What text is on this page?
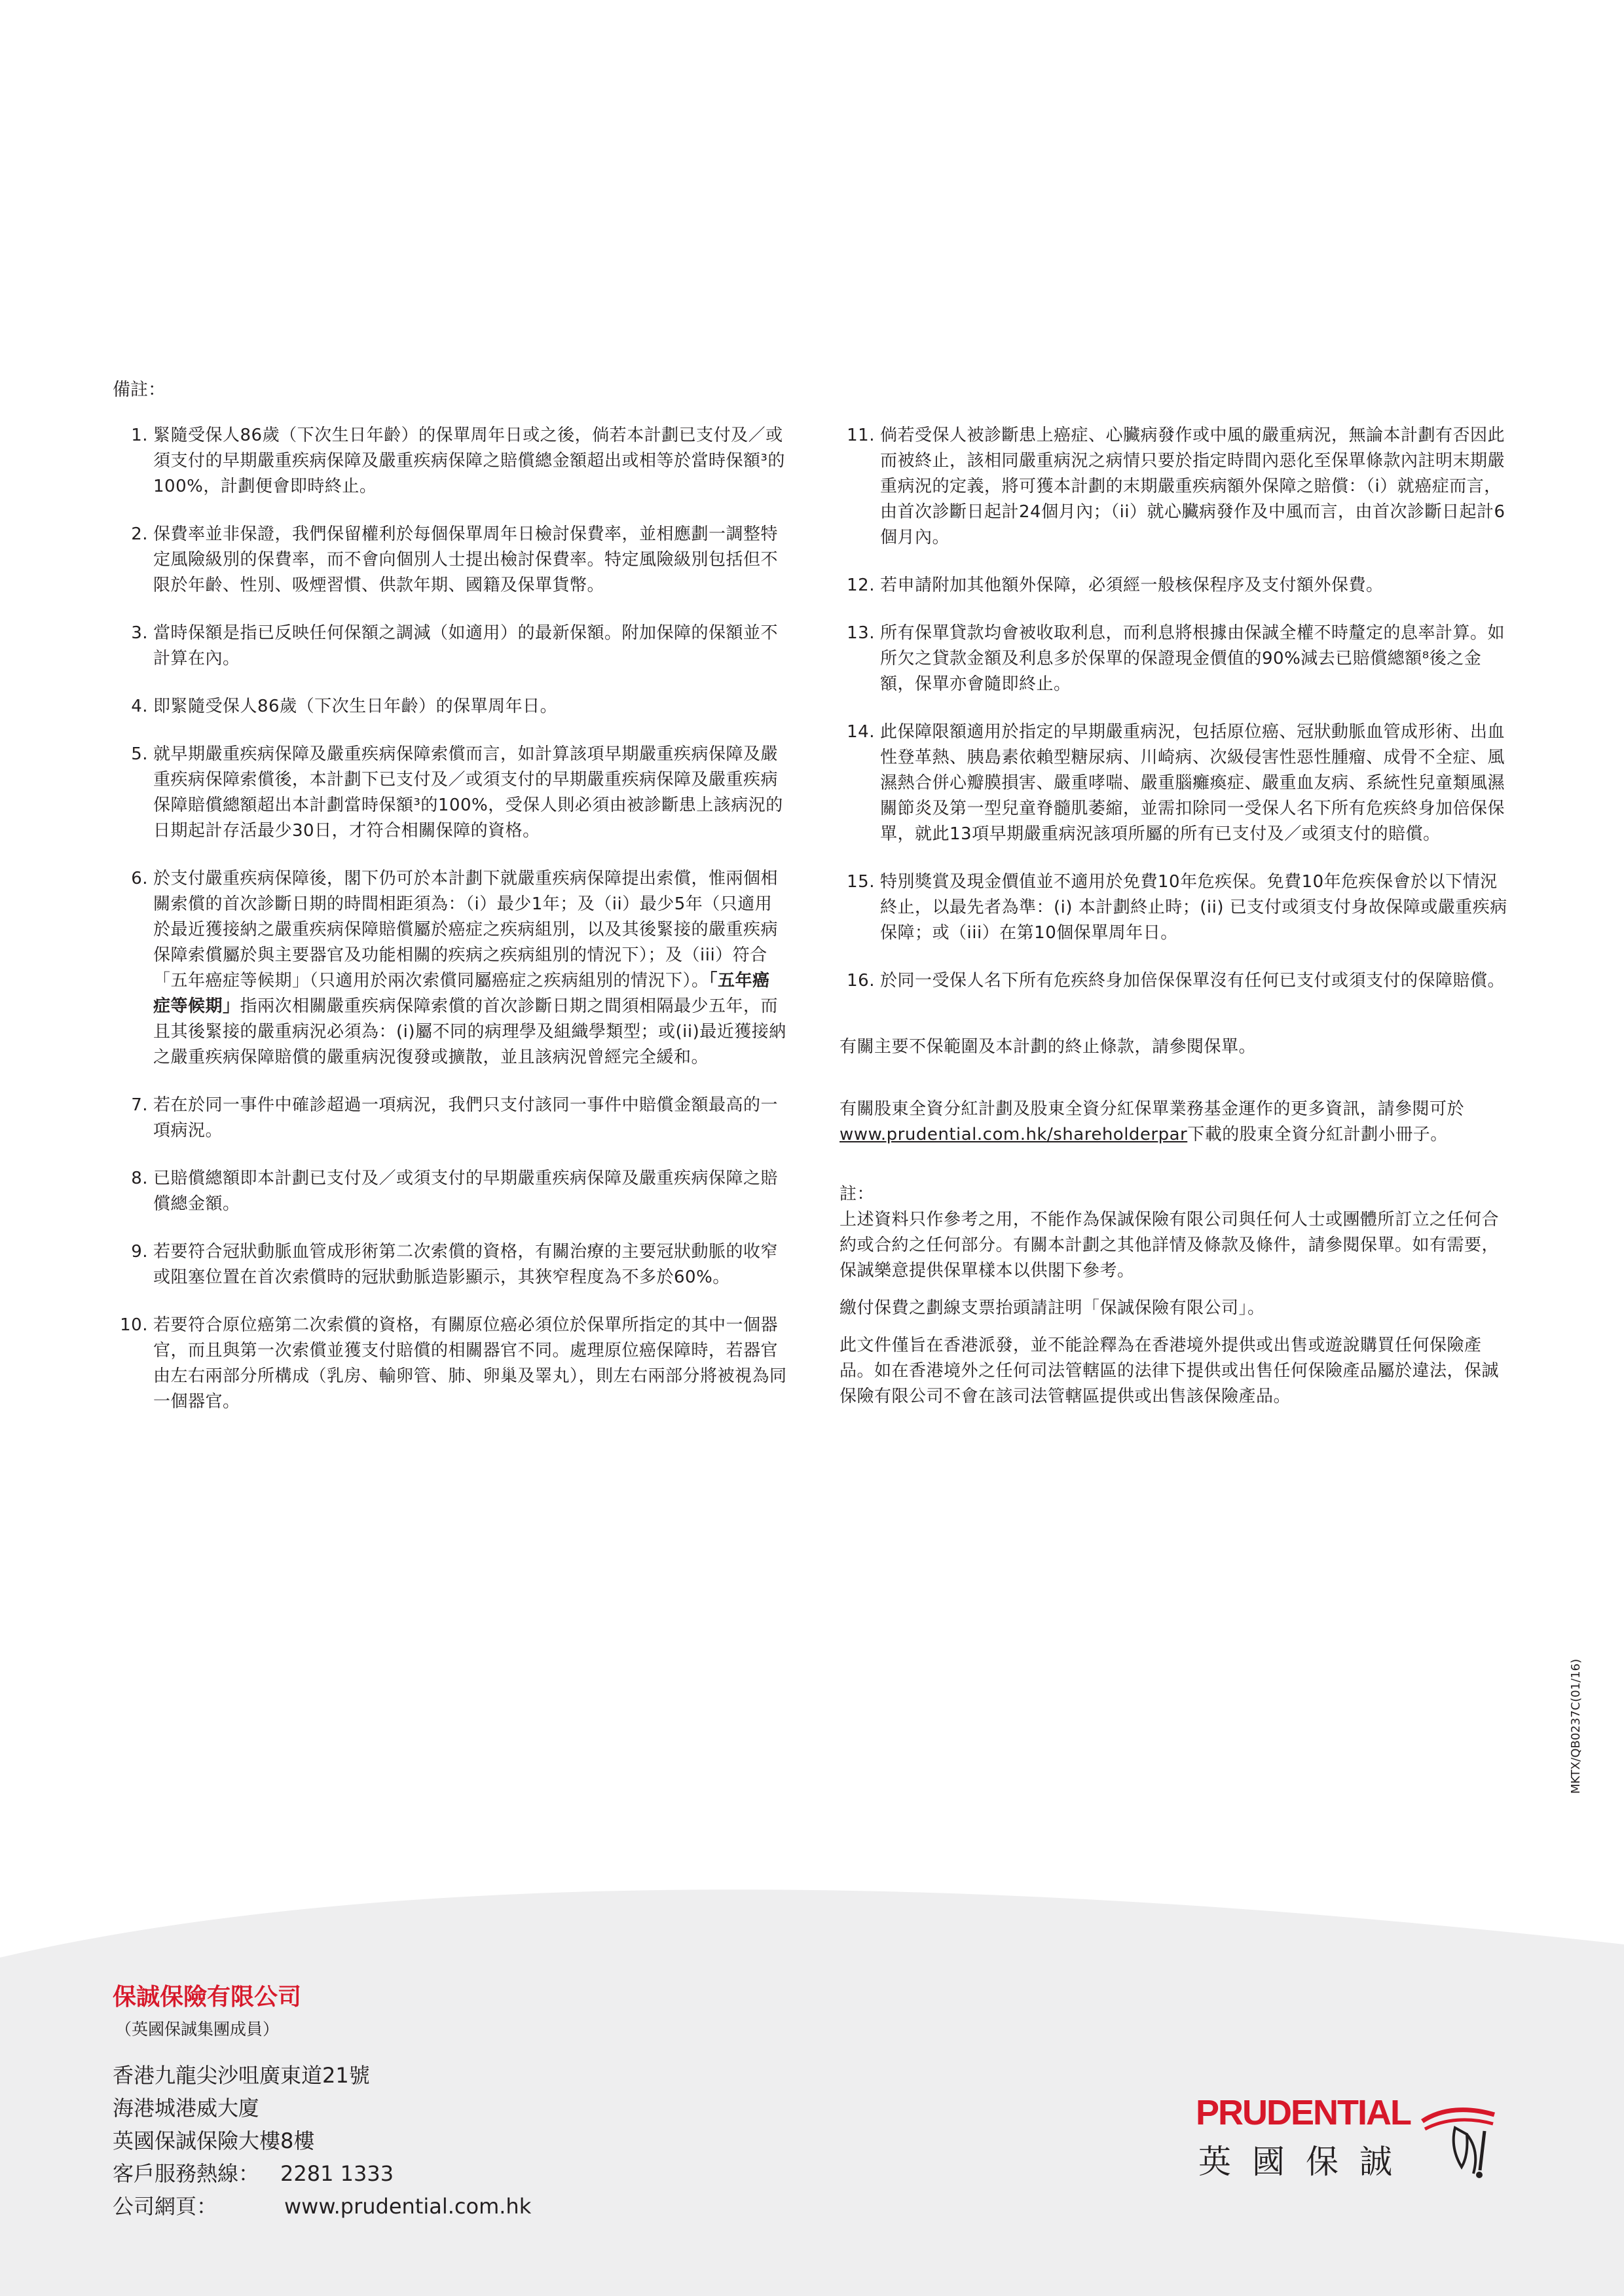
備註：
1. 緊隨受保人86歲（下次生日年齡）的保單周年日或之後，倘若本計劃已支付及／或須支付的早期嚴重疾病保障及嚴重疾病保障之賠償總金額超出或相等於當時保額³的100%，計劃便會即時終止。
2. 保費率並非保證，我們保留權利於每個保單周年日檢討保費率，並相應劃一調整特定風險級別的保費率，而不會向個別人士提出檢討保費率。特定風險級別包括但不限於年齡、性別、吸煙習慣、供款年期、國籍及保單貨幣。
3. 當時保額是指已反映任何保額之調減（如適用）的最新保額。附加保障的保額並不計算在內。
4. 即緊隨受保人86歲（下次生日年齡）的保單周年日。
5. 就早期嚴重疾病保障及嚴重疾病保障索償而言，如計算該項早期嚴重疾病保障及嚴重疾病保障索償後，本計劃下已支付及／或須支付的早期嚴重疾病保障及嚴重疾病保障賠償總額超出本計劃當時保額³的100%，受保人則必須由被診斷患上該病況的日期起計存活最少30日，才符合相關保障的資格。
6. 於支付嚴重疾病保障後，閣下仍可於本計劃下就嚴重疾病保障提出索償，惟兩個相關索償的首次診斷日期的時間相距須為：（i）最少1年；及（ii）最少5年（只適用於最近獲接納之嚴重疾病保障賠償屬於癌症之疾病組別，以及其後緊接的嚴重疾病保障索償屬於與主要器官及功能相關的疾病之疾病組別的情況下）；及（iii）符合「五年癌症等候期」（只適用於兩次索償同屬癌症之疾病組別的情況下）。「五年癌症等候期」指兩次相關嚴重疾病保障索償的首次診斷日期之間須相隔最少五年，而且其後緊接的嚴重病況必須為：(i)屬不同的病理學及組織學類型；或(ii)最近獲接納之嚴重疾病保障賠償的嚴重病況復發或擴散，並且該病況曾經完全緩和。
7. 若在於同一事件中確診超過一項病況，我們只支付該同一事件中賠償金額最高的一項病況。
8. 已賠償總額即本計劃已支付及／或須支付的早期嚴重疾病保障及嚴重疾病保障之賠償總金額。
9. 若要符合冠狀動脈血管成形術第二次索償的資格，有關治療的主要冠狀動脈的收窄或阻塞位置在首次索償時的冠狀動脈造影顯示，其狹窄程度為不多於60%。
10. 若要符合原位癌第二次索償的資格，有關原位癌必須位於保單所指定的其中一個器官，而且與第一次索償並獲支付賠償的相關器官不同。處理原位癌保障時，若器官由左右兩部分所構成（乳房、輸卵管、肺、卵巢及睪丸），則左右兩部分將被視為同一個器官。
11. 倘若受保人被診斷患上癌症、心臟病發作或中風的嚴重病況，無論本計劃有否因此而被終止，該相同嚴重病況之病情只要於指定時間內惡化至保單條款內註明末期嚴重病況的定義，將可獲本計劃的末期嚴重疾病額外保障之賠償：（i）就癌症而言，由首次診斷日起計24個月內；（ii）就心臟病發作及中風而言，由首次診斷日起計6個月內。
12. 若申請附加其他額外保障，必須經一般核保程序及支付額外保費。
13. 所有保單貸款均會被收取利息，而利息將根據由保誠全權不時釐定的息率計算。如所欠之貸款金額及利息多於保單的保證現金價值的90%減去已賠償總額⁸後之金額，保單亦會隨即終止。
14. 此保障限額適用於指定的早期嚴重病況，包括原位癌、冠狀動脈血管成形術、出血性登革熱、胰島素依賴型糖尿病、川崎病、次級侵害性惡性腫瘤、成骨不全症、風濕熱合併心瓣膜損害、嚴重哮喘、嚴重腦癱瘓症、嚴重血友病、系統性兒童類風濕關節炎及第一型兒童脊髓肌萎縮，並需扣除同一受保人名下所有危疾終身加倍保保單，就此13項早期嚴重病況該項所屬的所有已支付及／或須支付的賠償。
15. 特別獎賞及現金價值並不適用於免費10年危疾保。免費10年危疾保會於以下情況終止，以最先者為準：(i) 本計劃終止時；(ii) 已支付或須支付身故保障或嚴重疾病保障；或（iii）在第10個保單周年日。
16. 於同一受保人名下所有危疾終身加倍保保單沒有任何已支付或須支付的保障賠償。
有關主要不保範圍及本計劃的終止條款，請參閱保單。
有關股東全資分紅計劃及股東全資分紅保單業務基金運作的更多資訊，請參閱可於www.prudential.com.hk/shareholderpar下載的股東全資分紅計劃小冊子。
註：
上述資料只作參考之用，不能作為保誠保險有限公司與任何人士或團體所訂立之任何合約或合約之任何部分。有關本計劃之其他詳情及條款及條件，請參閱保單。如有需要，保誠樂意提供保單樣本以供閣下參考。
繳付保費之劃線支票抬頭請註明「保誠保險有限公司」。
此文件僅旨在香港派發，並不能詮釋為在香港境外提供或出售或遊說購買任何保險產品。如在香港境外之任何司法管轄區的法律下提供或出售任何保險產品屬於違法，保誠保險有限公司不會在該司法管轄區提供或出售該保險產品。
MKTX/QB0237C(01/16)
保誠保險有限公司
（英國保誠集團成員）
香港九龍尖沙咀廣東道21號
海港城港威大廈
英國保誠保險大樓8樓
客戶服務熱線： 2281 1333
公司網頁：	www.prudential.com.hk
PRUDENTIAL
英國保誠
